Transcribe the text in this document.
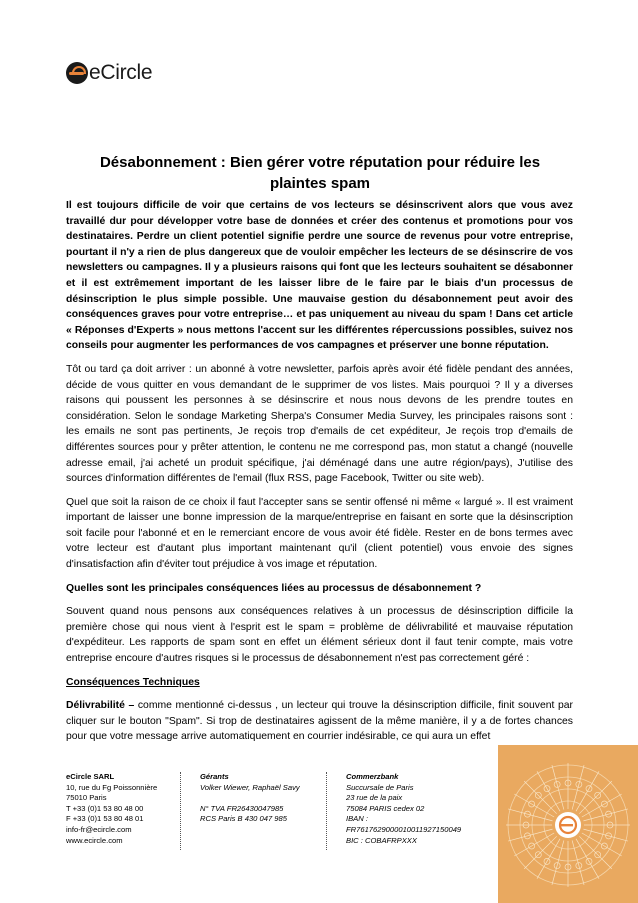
eCircle
Désabonnement : Bien gérer votre réputation pour réduire les plaintes spam

Il est toujours difficile de voir que certains de vos lecteurs se désinscrivent alors que vous avez travaillé dur pour développer votre base de données et créer des contenus et promotions pour vos destinataires. Perdre un client potentiel signifie perdre une source de revenus pour votre entreprise, pourtant il n'y a rien de plus dangereux que de vouloir empêcher les lecteurs de se désinscrire de vos newsletters ou campagnes. Il y a plusieurs raisons qui font que les lecteurs souhaitent se désabonner et il est extrêmement important de les laisser libre de le faire par le biais d'un processus de désinscription le plus simple possible. Une mauvaise gestion du désabonnement peut avoir des conséquences graves pour votre entreprise… et pas uniquement au niveau du spam ! Dans cet article « Réponses d'Experts » nous mettons l'accent sur les différentes répercussions possibles, suivez nos conseils pour augmenter les performances de vos campagnes et préserver une bonne réputation.

Tôt ou tard ça doit arriver : un abonné à votre newsletter, parfois après avoir été fidèle pendant des années, décide de vous quitter en vous demandant de le supprimer de vos listes. Mais pourquoi ? Il y a diverses raisons qui poussent les personnes à se désinscrire et nous nous devons de les prendre toutes en considération. Selon le sondage Marketing Sherpa's Consumer Media Survey, les principales raisons sont : les emails ne sont pas pertinents, Je reçois trop d'emails de cet expéditeur, Je reçois trop d'emails de différentes sources pour y prêter attention, le contenu ne me correspond pas, mon statut a changé (nouvelle adresse email, j'ai acheté un produit spécifique, j'ai déménagé dans une autre région/pays), J'utilise des sources d'information différentes de l'email (flux RSS, page Facebook, Twitter ou site web).

Quel que soit la raison de ce choix il faut l'accepter sans se sentir offensé ni même « largué ». Il est vraiment important de laisser une bonne impression de la marque/entreprise en faisant en sorte que la désinscription soit facile pour l'abonné et en le remerciant encore de vous avoir été fidèle. Rester en de bons termes avec votre lecteur est d'autant plus important maintenant qu'il (client potentiel) vous envoie des signes d'insatisfaction afin d'éviter tout préjudice à vos image et réputation.

Quelles sont les principales conséquences liées au processus de désabonnement ?

Souvent quand nous pensons aux conséquences relatives à un processus de désinscription difficile la première chose qui nous vient à l'esprit est le spam = problème de délivrabilité et mauvaise réputation d'expéditeur. Les rapports de spam sont en effet un élément sérieux dont il faut tenir compte, mais votre entreprise encoure d'autres risques si le processus de désabonnement n'est pas correctement géré :

Conséquences Techniques

Délivrabilité – comme mentionné ci-dessus , un lecteur qui trouve la désinscription difficile, finit souvent par cliquer sur le bouton "Spam". Si trop de destinataires agissent de la même manière, il y a de fortes chances pour que votre message arrive automatiquement en courrier indésirable, ce qui aura un effet

eCircle SARL
10, rue du Fg Poissonnière
75010 Paris
T +33 (0)1 53 80 48 00
F +33 (0)1 53 80 48 01
info-fr@ecircle.com
www.ecircle.com
Gérants
Volker Wiewer, Raphaël Savy

N° TVA FR26430047985
RCS Paris B 430 047 985
Commerzbank
Succursale de Paris
23 rue de la paix
75084 PARIS cedex 02
IBAN :
FR7617629000010011927150049
BIC : COBAFRPXXX
